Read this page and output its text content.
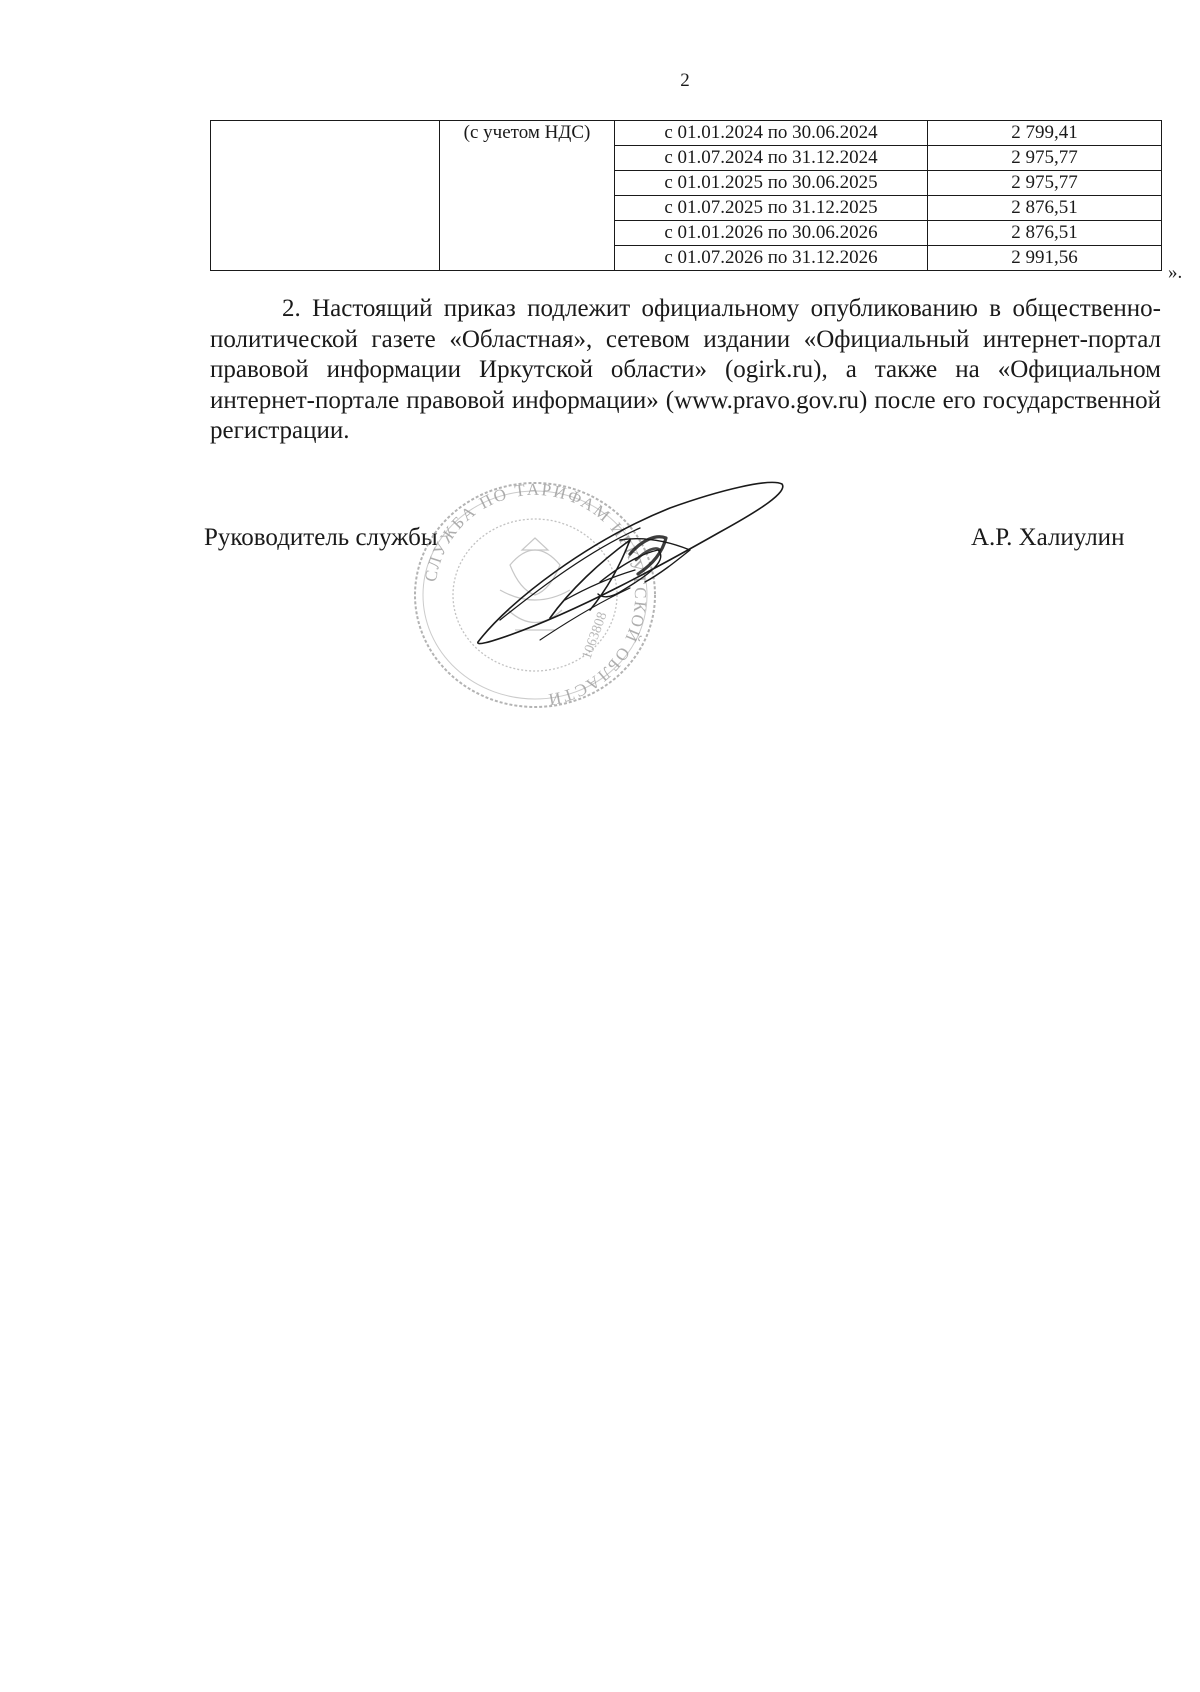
2
	(с учетом НДС)	с 01.01.2024 по 30.06.2024	2 799,41
		с 01.07.2024 по 31.12.2024	2 975,77
		с 01.01.2025 по 30.06.2025	2 975,77
		с 01.07.2025 по 31.12.2025	2 876,51
		с 01.01.2026 по 30.06.2026	2 876,51
		с 01.07.2026 по 31.12.2026	2 991,56
».

2. Настоящий приказ подлежит официальному опубликованию в общественно-политической газете «Областная», сетевом издании «Официальный интернет-портал правовой информации Иркутской области» (ogirk.ru), а также на «Официальном интернет-портале правовой информации» (www.pravo.gov.ru) после его государственной регистрации.

Руководитель службы	А.Р. Халиулин
СЛУЖБА ПО ТАРИФАМ ИРКУТСКОЙ ОБЛАСТИ
1063808
